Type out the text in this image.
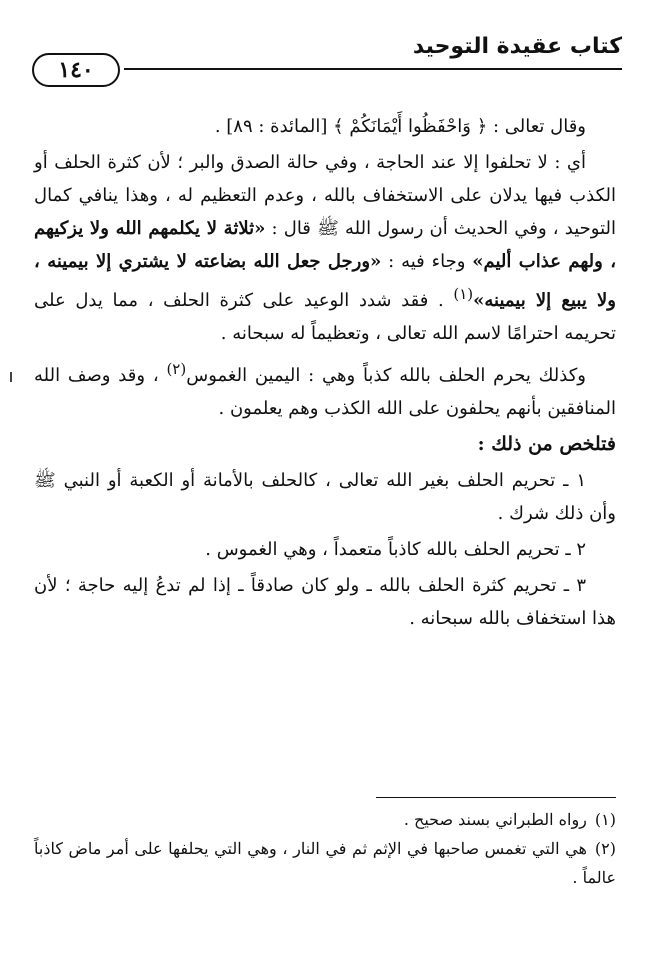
كتاب عقيدة التوحيد
١٤٠

وقال تعالى : ﴿ وَاحْفَظُوا أَيْمَانَكُمْ ﴾ [المائدة : ٨٩] .

أي : لا تحلفوا إلا عند الحاجة ، وفي حالة الصدق والبر ؛ لأن كثرة الحلف أو الكذب فيها يدلان على الاستخفاف بالله ، وعدم التعظيم له ، وهذا ينافي كمال التوحيد ، وفي الحديث أن رسول الله ﷺ قال : «ثلاثة لا يكلمهم الله ولا يزكيهم ، ولهم عذاب أليم» وجاء فيه : «ورجل جعل الله بضاعته لا يشتري إلا بيمينه ، ولا يبيع إلا بيمينه»$^{(١)}$ . فقد شدد الوعيد على كثرة الحلف ، مما يدل على تحريمه احترامًا لاسم الله تعالى ، وتعظيماً له سبحانه .

وكذلك يحرم الحلف بالله كذباً وهي : اليمين الغموس$^{(٢)}$ ، وقد وصف الله المنافقين بأنهم يحلفون على الله الكذب وهم يعلمون .

فتلخص من ذلك :

١ ـ تحريم الحلف بغير الله تعالى ، كالحلف بالأمانة أو الكعبة أو النبي ﷺ وأن ذلك شرك .

٢ ـ تحريم الحلف بالله كاذباً متعمداً ، وهي الغموس .

٣ ـ تحريم كثرة الحلف بالله ـ ولو كان صادقاً ـ إذا لم تدعُ إليه حاجة ؛ لأن هذا استخفاف بالله سبحانه .

(١)رواه الطبراني بسند صحيح .

(٢)هي التي تغمس صاحبها في الإثم ثم في النار ، وهي التي يحلفها على أمر ماض كاذباً عالماً .
